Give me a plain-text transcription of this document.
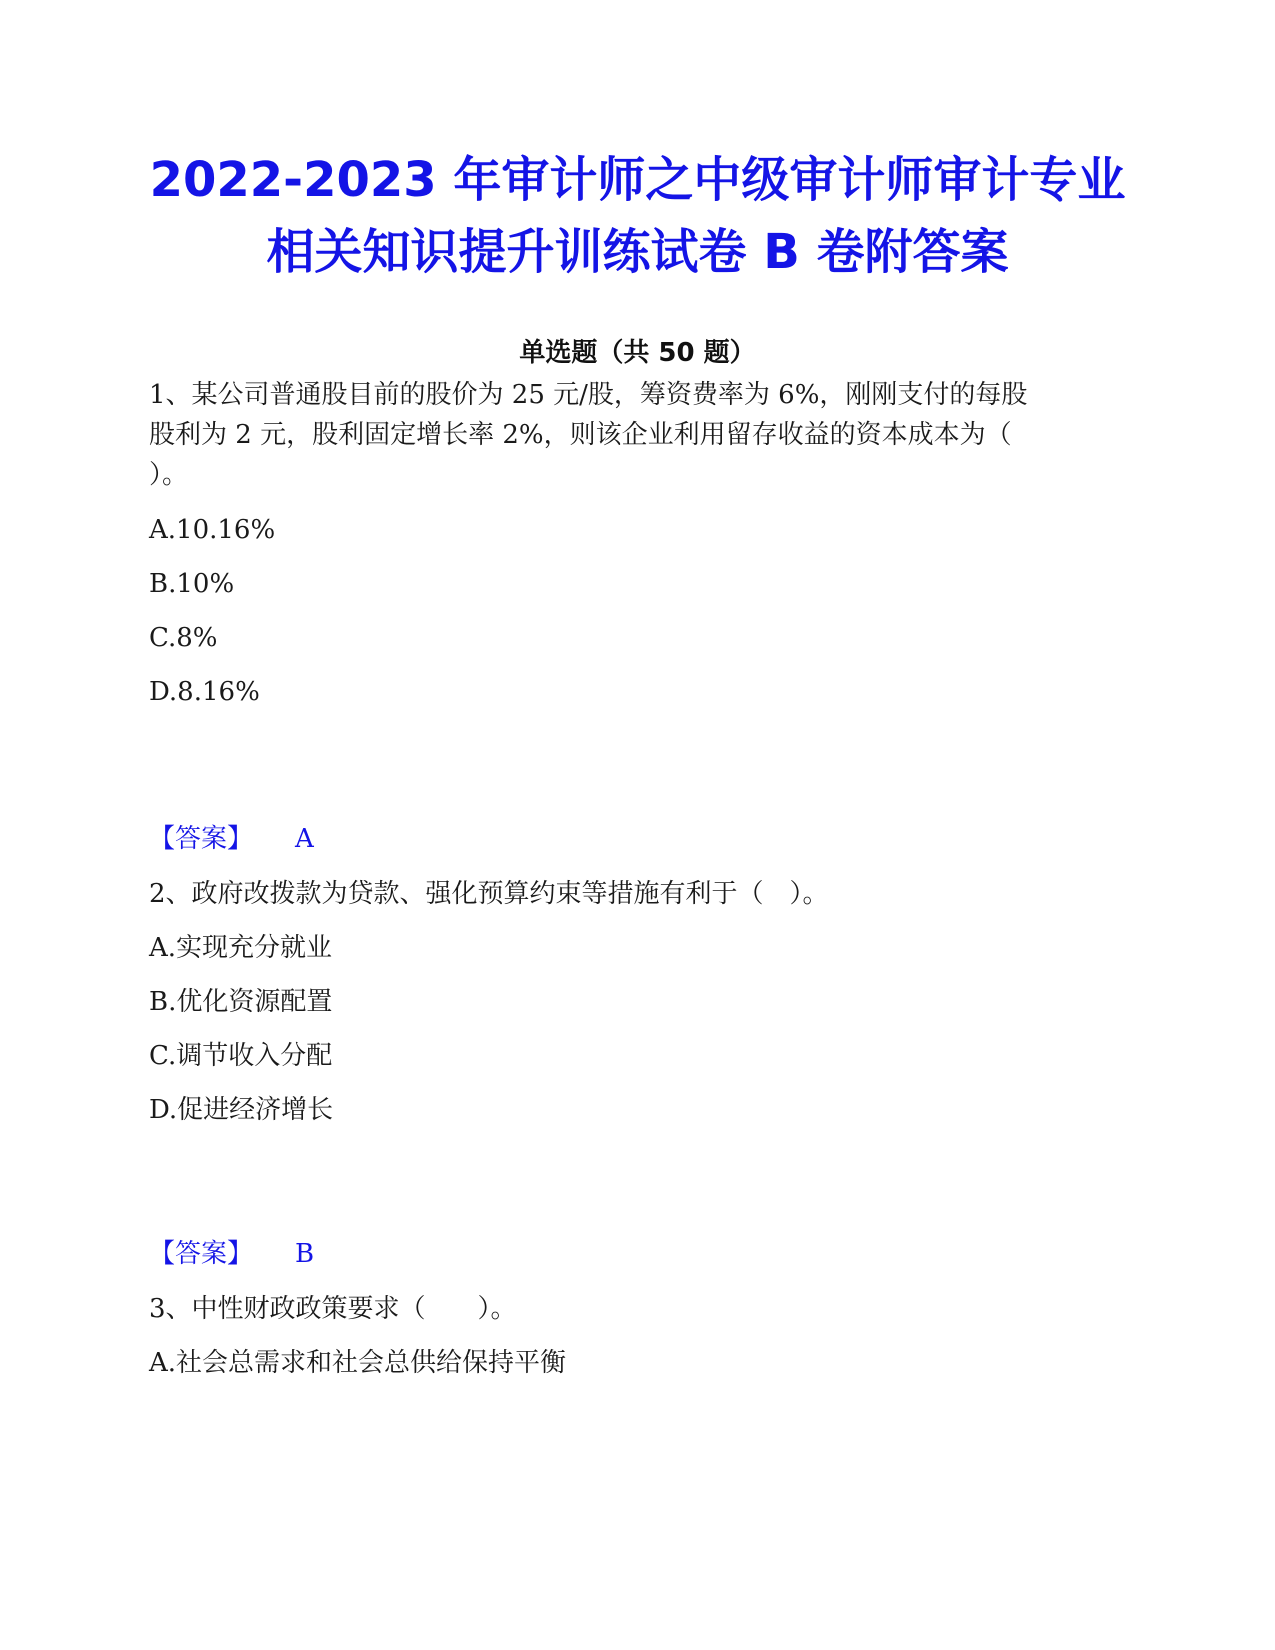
2022-2023 年审计师之中级审计师审计专业
相关知识提升训练试卷 B 卷附答案
单选题（共 50 题）
1、某公司普通股目前的股价为 25 元/股，筹资费率为 6%，刚刚支付的每股
股利为 2 元，股利固定增长率 2%，则该企业利用留存收益的资本成本为（
）。
A.10.16%
B.10%
C.8%
D.8.16%
【答案】 A
2、政府改拨款为贷款、强化预算约束等措施有利于（　）。
A.实现充分就业
B.优化资源配置
C.调节收入分配
D.促进经济增长
【答案】 B
3、中性财政政策要求（　　）。
A.社会总需求和社会总供给保持平衡
